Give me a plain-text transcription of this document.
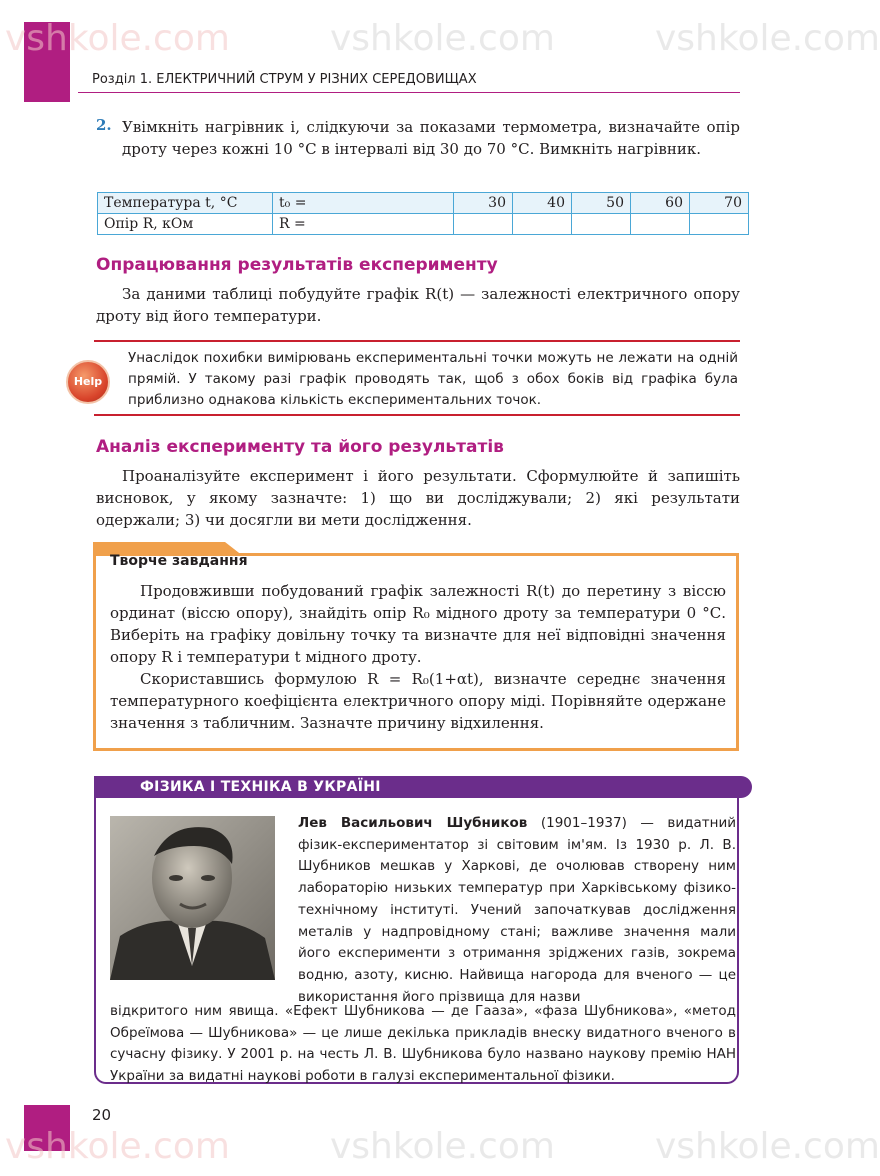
Розділ 1. ЕЛЕКТРИЧНИЙ СТРУМ У РІЗНИХ СЕРЕДОВИЩАХ
2. Увімкніть нагрівник і, слідкуючи за показами термометра, визначайте опір дроту через кожні 10 °С в інтервалі від 30 до 70 °С. Вимкніть нагрівник.
Температура t, °С	t₀ =	30	40	50	60	70
Опір R, кОм	R =					
Опрацювання результатів експерименту
За даними таблиці побудуйте графік R(t) — залежності електричного опору дроту від його температури.
Help
Унаслідок похибки вимірювань експериментальні точки можуть не лежати на одній прямій. У такому разі графік проводять так, щоб з обох боків від графіка була приблизно однакова кількість експериментальних точок.
Аналіз експерименту та його результатів
Проаналізуйте експеримент і його результати. Сформулюйте й запишіть висновок, у якому зазначте: 1) що ви досліджували; 2) які результати одержали; 3) чи досягли ви мети дослідження.
Творче завдання
Продовживши побудований графік залежності R(t) до перетину з віссю ординат (віссю опору), знайдіть опір R₀ мідного дроту за температури 0 °С. Виберіть на графіку довільну точку та визначте для неї відповідні значення опору R і температури t мідного дроту.
Скориставшись формулою R = R₀(1+αt), визначте середнє значення температурного коефіцієнта електричного опору міді. Порівняйте одержане значення з табличним. Зазначте причину відхилення.
ФІЗИКА І ТЕХНІКА В УКРАЇНІ
Лев Васильович Шубников (1901–1937) — видатний фізик-експериментатор зі світовим ім'ям. Із 1930 р. Л. В. Шубников мешкав у Харкові, де очолював створену ним лабораторію низьких температур при Харківському фізико-технічному інституті. Учений започаткував дослідження металів у надпровідному стані; важливе значення мали його експерименти з отримання зріджених газів, зокрема водню, азоту, кисню. Найвища нагорода для вченого — це використання його прізвища для назви
відкритого ним явища. «Ефект Шубникова — де Гааза», «фаза Шубникова», «метод Обреїмова — Шубникова» — це лише декілька прикладів внеску видатного вченого в сучасну фізику. У 2001 р. на честь Л. В. Шубникова було названо наукову премію НАН України за видатні наукові роботи в галузі експериментальної фізики.
20
vshkole.com	vshkole.com	vshkole.com
vshkole.com	vshkole.com	vshkole.com
